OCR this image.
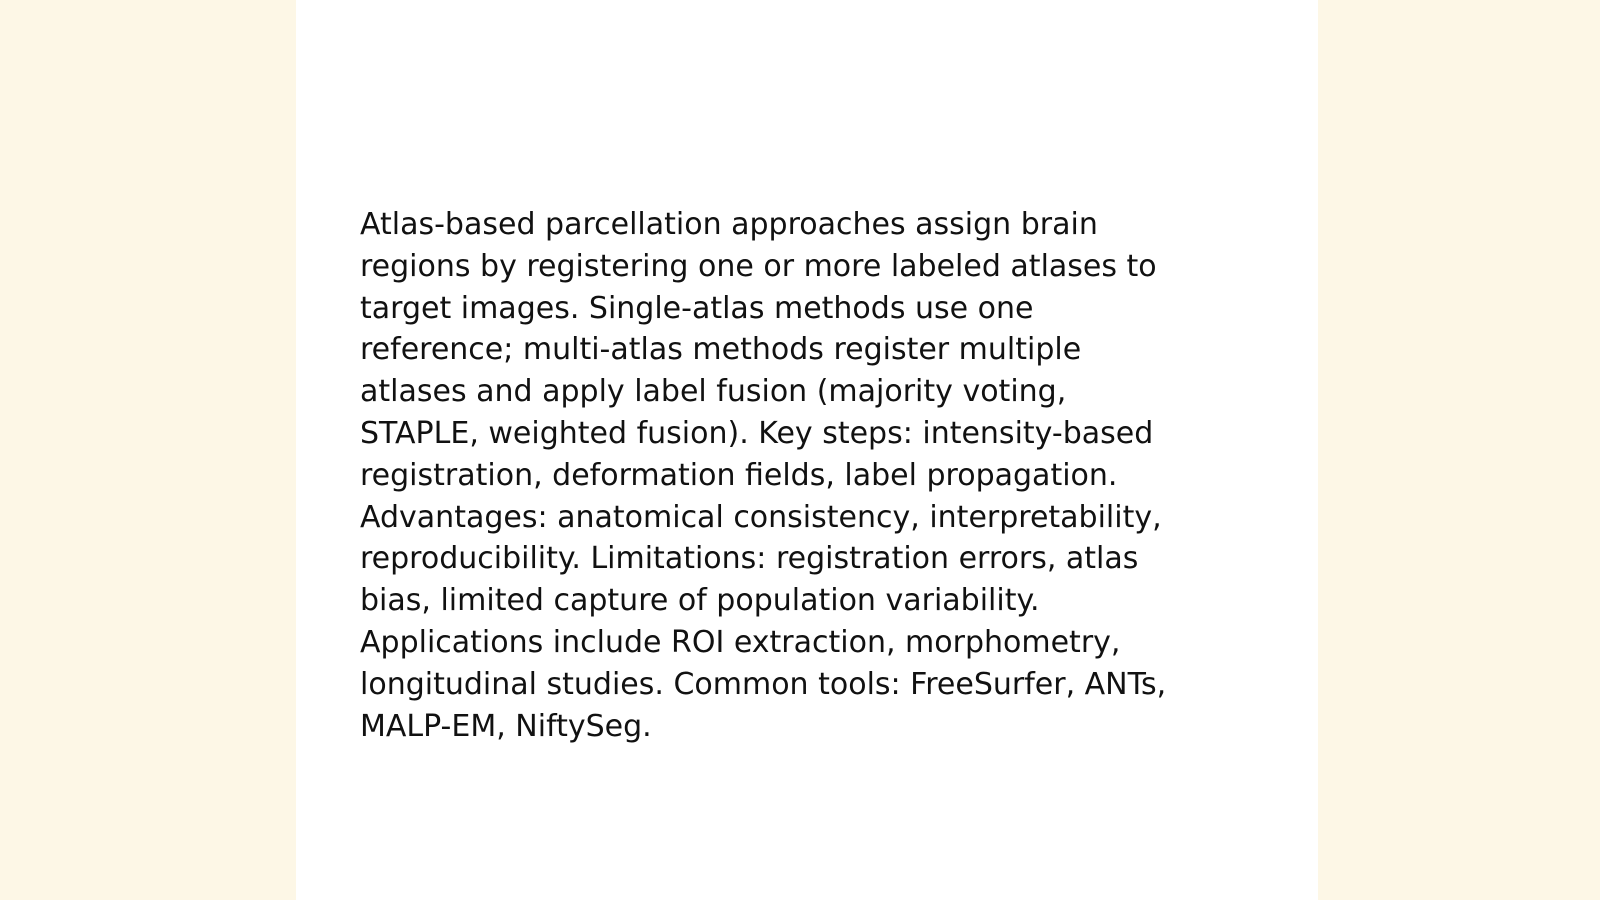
Atlas-based parcellation approaches assign brain
regions by registering one or more labeled atlases to
target images. Single-atlas methods use one
reference; multi-atlas methods register multiple
atlases and apply label fusion (majority voting,
STAPLE, weighted fusion). Key steps: intensity-based
registration, deformation fields, label propagation.
Advantages: anatomical consistency, interpretability,
reproducibility. Limitations: registration errors, atlas
bias, limited capture of population variability.
Applications include ROI extraction, morphometry,
longitudinal studies. Common tools: FreeSurfer, ANTs,
MALP-EM, NiftySeg.
